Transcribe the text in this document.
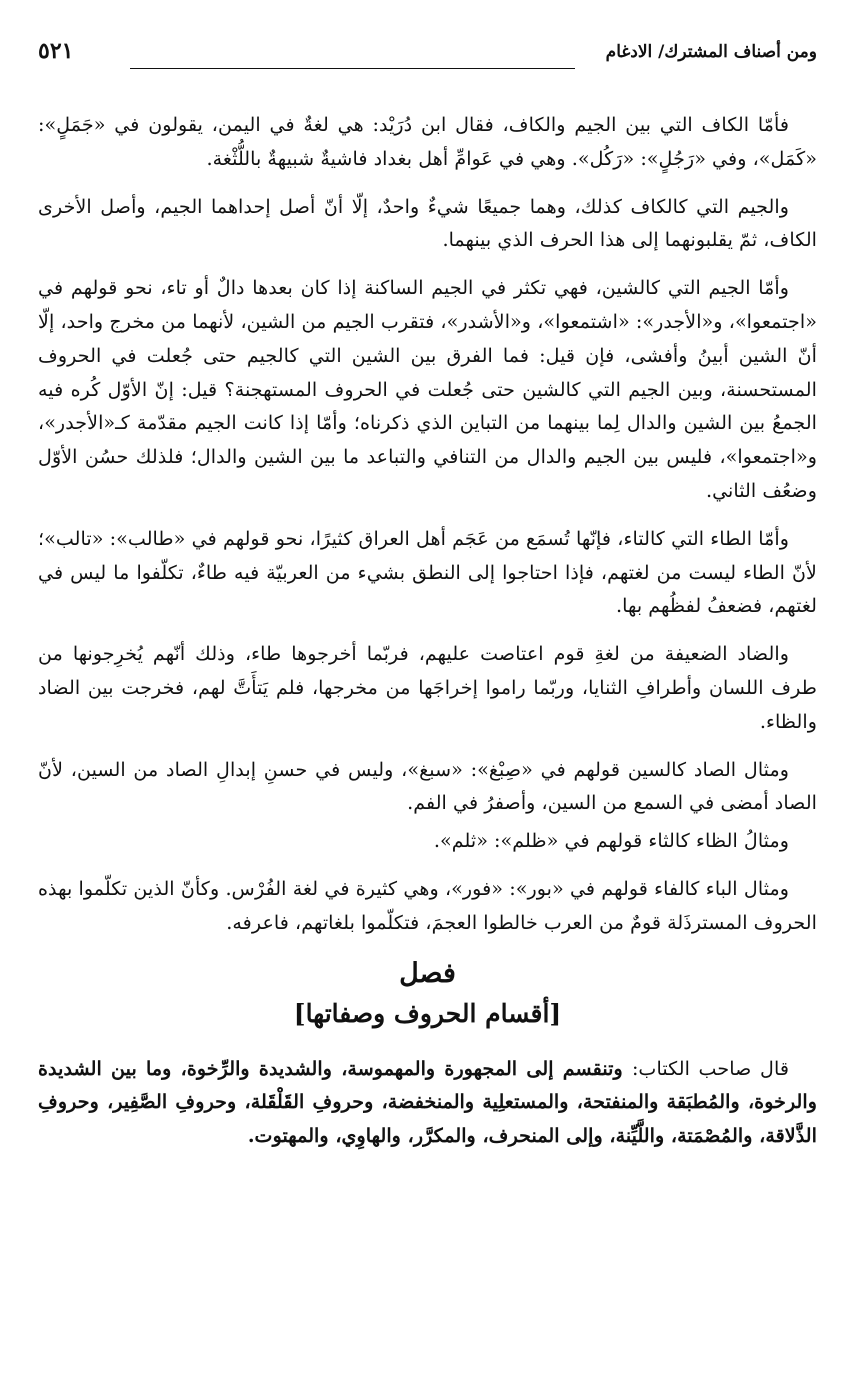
ومن أصناف المشترك/ الادغام
٥٢١

فأمّا الكاف التي بين الجيم والكاف، فقال ابن دُرَيْد: هي لغةٌ في اليمن، يقولون في «جَمَلٍ»: «كَمَل»، وفي «رَجُلٍ»: «رَكُل». وهي في عَوامِّ أهل بغداد فاشيةٌ شبيهةٌ باللُّثْغة.

والجيم التي كالكاف كذلك، وهما جميعًا شيءٌ واحدٌ، إلّا أنّ أصل إحداهما الجيم، وأصل الأخرى الكاف، ثمّ يقلبونهما إلى هذا الحرف الذي بينهما.

وأمّا الجيم التي كالشين، فهي تكثر في الجيم الساكنة إذا كان بعدها دالٌ أو تاء، نحو قولهم في «اجتمعوا»، و«الأجدر»: «اشتمعوا»، و«الأشدر»، فتقرب الجيم من الشين، لأنهما من مخرج واحد، إلّا أنّ الشين أبينُ وأفشى، فإن قيل: فما الفرق بين الشين التي كالجيم حتى جُعلت في الحروف المستحسنة، وبين الجيم التي كالشين حتى جُعلت في الحروف المستهجنة؟ قيل: إنّ الأوّل كُره فيه الجمعُ بين الشين والدال لِما بينهما من التباين الذي ذكرناه؛ وأمّا إذا كانت الجيم مقدّمة كـ«الأجدر»، و«اجتمعوا»، فليس بين الجيم والدال من التنافي والتباعد ما بين الشين والدال؛ فلذلك حسُن الأوّل وضعُف الثاني.

وأمّا الطاء التي كالتاء، فإنّها تُسمَع من عَجَم أهل العراق كثيرًا، نحو قولهم في «طالب»: «تالب»؛ لأنّ الطاء ليست من لغتهم، فإذا احتاجوا إلى النطق بشيء من العربيّة فيه طاءٌ، تكلّفوا ما ليس في لغتهم، فضعفُ لفظُهم بها.

والضاد الضعيفة من لغةِ قوم اعتاصت عليهم، فربّما أخرجوها طاء، وذلك أنّهم يُخرِجونها من طرف اللسان وأطرافِ الثنايا، وربّما راموا إخراجَها من مخرجها، فلم يَتأَتَّ لهم، فخرجت بين الضاد والظاء.

ومثال الصاد كالسين قولهم في «صِبْغ»: «سبغ»، وليس في حسنِ إبدالِ الصاد من السين، لأنّ الصاد أمضى في السمع من السين، وأصفرُ في الفم.

ومثالُ الظاء كالثاء قولهم في «ظلم»: «ثلم».

ومثال الباء كالفاء قولهم في «بور»: «فور»، وهي كثيرة في لغة الفُرْس. وكأنّ الذين تكلّموا بهذه الحروف المسترذَلة قومٌ من العرب خالطوا العجمَ، فتكلّموا بلغاتهم، فاعرفه.

فصل

[أقسام الحروف وصفاتها]

قال صاحب الكتاب: وتنقسم إلى المجهورة والمهموسة، والشديدة والرِّخوة، وما بين الشديدة والرخوة، والمُطبَقة والمنفتحة، والمستعلِية والمنخفضة، وحروفِ القَلْقَلة، وحروفِ الصَّفِير، وحروفِ الذَّلاقة، والمُصْمَتة، واللَّيِّنة، وإلى المنحرف، والمكرَّر، والهاوِي، والمهتوت.
